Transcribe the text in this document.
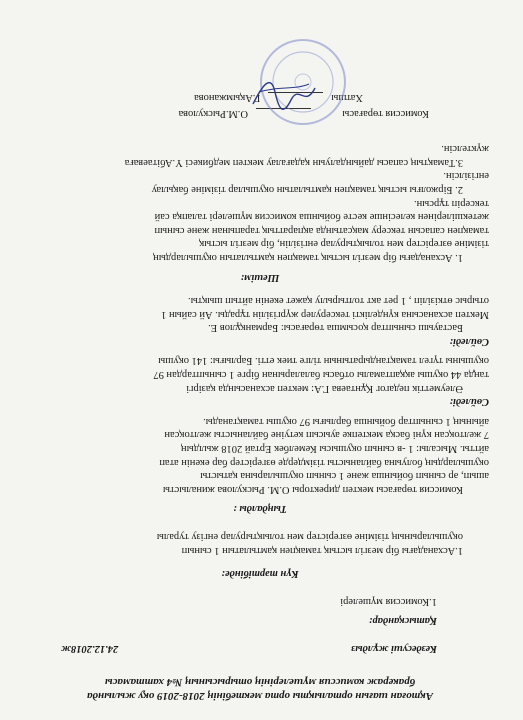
Ақтоған шағын орталықты орта мектебінің 2018-2019 оқу жылында

бракераж комиссия мүшелерінің отырысының №4 хаттамасы

Кездесуші жұлдыз
24.12.2018ж

Қатысқандар:

1.Комиссия мүшелері

Күн тәртібінде:

1.Асханадағы бір мезгіл ыстық тамақпен қамтылатын 1 сынып

оқушыларының тізіміне өзгерістер мен толықтырулар енгізу туралы

Тыңдалды :

Комиссия төрағасы мектеп директоры О.М. Рыскулова жиналысты

ашып, әр сынып бойынша және 1 сынып оқушыларына қатысты

оқушылардың болуына байланысты тізімдерде өзгерістер бар екенін атап

айтты. Мысалы: 1 -в сынып оқушысы Кемелбек Ертай 2018 жылдың

7 желтоқсан күні басқа мектепке ауысып кетуіне байланысты желтоқсан

айының 1 сыныптар бойынша барлығы 97 оқушы тамақтанады.

Сөйледі:

Әлеуметтік педагог Құнтаева Г.А: мектеп асханасында қазіргі

таңда 44 оқушы аққаптамалы отбасы балаларынан бірге 1 сыныптардан 97

оқушыны түгел тамақтандыратынын тілге тиек етті. Барлығы: 141 оқушы

Сөйледі:

Бастауыш сыныптар қосымша төрағасы: Барманқұлов Е.

Мектеп асханасына күнделікті тексерулер жүргізілін тұрады. Ай сайын 1

отырыс өткізіліп , 1 рет акт толтырылу қажет екенін айтып шықты.

Шешім:

1. Асханадағы бір мезгіл ыстық тамақпен қамтылатын оқушылардың

тізіміне өзгерістер мен толықтырулар енгізілін, бір мезгіл ыстық

тамақпен сапасын тексеру мақсатында ақпараттық тарапынан және сынып

жетекшілерінен келесінше кесте бойынша комиссия мүшелері талапқа сай

тексеріп тұрсын.

2. Біржолғы ыстық тамақпен қамтылатын оқушылар тізіміне бақылау

енгізілсін.

3.Тамақтың сапасы дайындалуын қадағалау мектеп медбикесі Ү.Абітаеваға

жүктелсін.

Комиссия төрағасы
О.М.Рыскулова
Хатшы
Г.Ақымжанова
